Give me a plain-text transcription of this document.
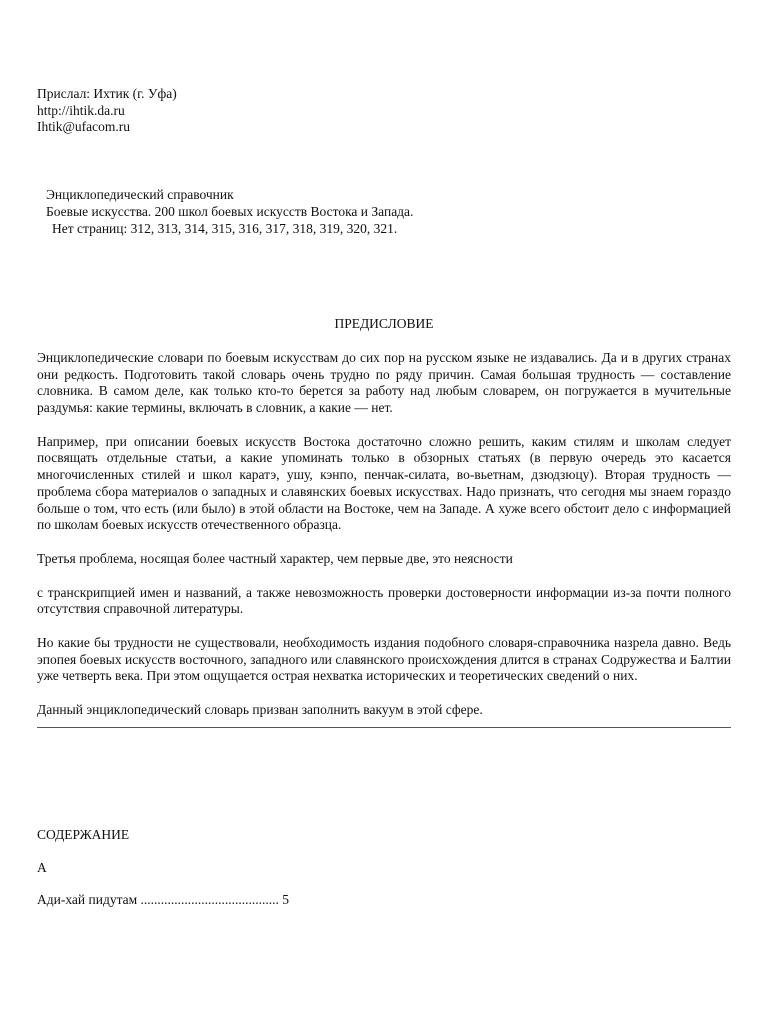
Прислал: Ихтик (г. Уфа)
http://ihtik.da.ru
Ihtik@ufacom.ru
Энциклопедический справочник
Боевые искусства. 200 школ боевых искусств Востока и Запада.
Нет страниц: 312, 313, 314, 315, 316, 317, 318, 319, 320, 321.
ПРЕДИСЛОВИЕ

Энциклопедические словари по боевым искусствам до сих пор на русском языке не издавались. Да и в других странах они редкость. Подготовить такой словарь очень трудно по ряду причин. Самая большая трудность — составление словника. В самом деле, как только кто-то берется за работу над любым словарем, он погружается в мучительные раздумья: какие термины, включать в словник, а какие — нет.

Например, при описании боевых искусств Востока достаточно сложно решить, каким стилям и школам следует посвящать отдельные статьи, а какие упоминать только в обзорных статьях (в первую очередь это касается многочисленных стилей и школ каратэ, ушу, кэнпо, пенчак-силата, во-вьетнам, дзюдзюцу). Вторая трудность — проблема сбора материалов о западных и славянских боевых искусствах. Надо признать, что сегодня мы знаем гораздо больше о том, что есть (или было) в этой области на Востоке, чем на Западе. А хуже всего обстоит дело с информацией по школам боевых искусств отечественного образца.

Третья проблема, носящая более частный характер, чем первые две, это неясности

с транскрипцией имен и названий, а также невозможность проверки достоверности информации из-за почти полного отсутствия справочной литературы.

Но какие бы трудности не существовали, необходимость издания подобного словаря-справочника назрела давно. Ведь эпопея боевых искусств восточного, западного или славянского происхождения длится в странах Содружества и Балтии уже четверть века. При этом ощущается острая нехватка исторических и теоретических сведений о них.

Данный энциклопедический словарь призван заполнить вакуум в этой сфере.

СОДЕРЖАНИЕ
А
Ади-хай пидутам ......................................... 5
